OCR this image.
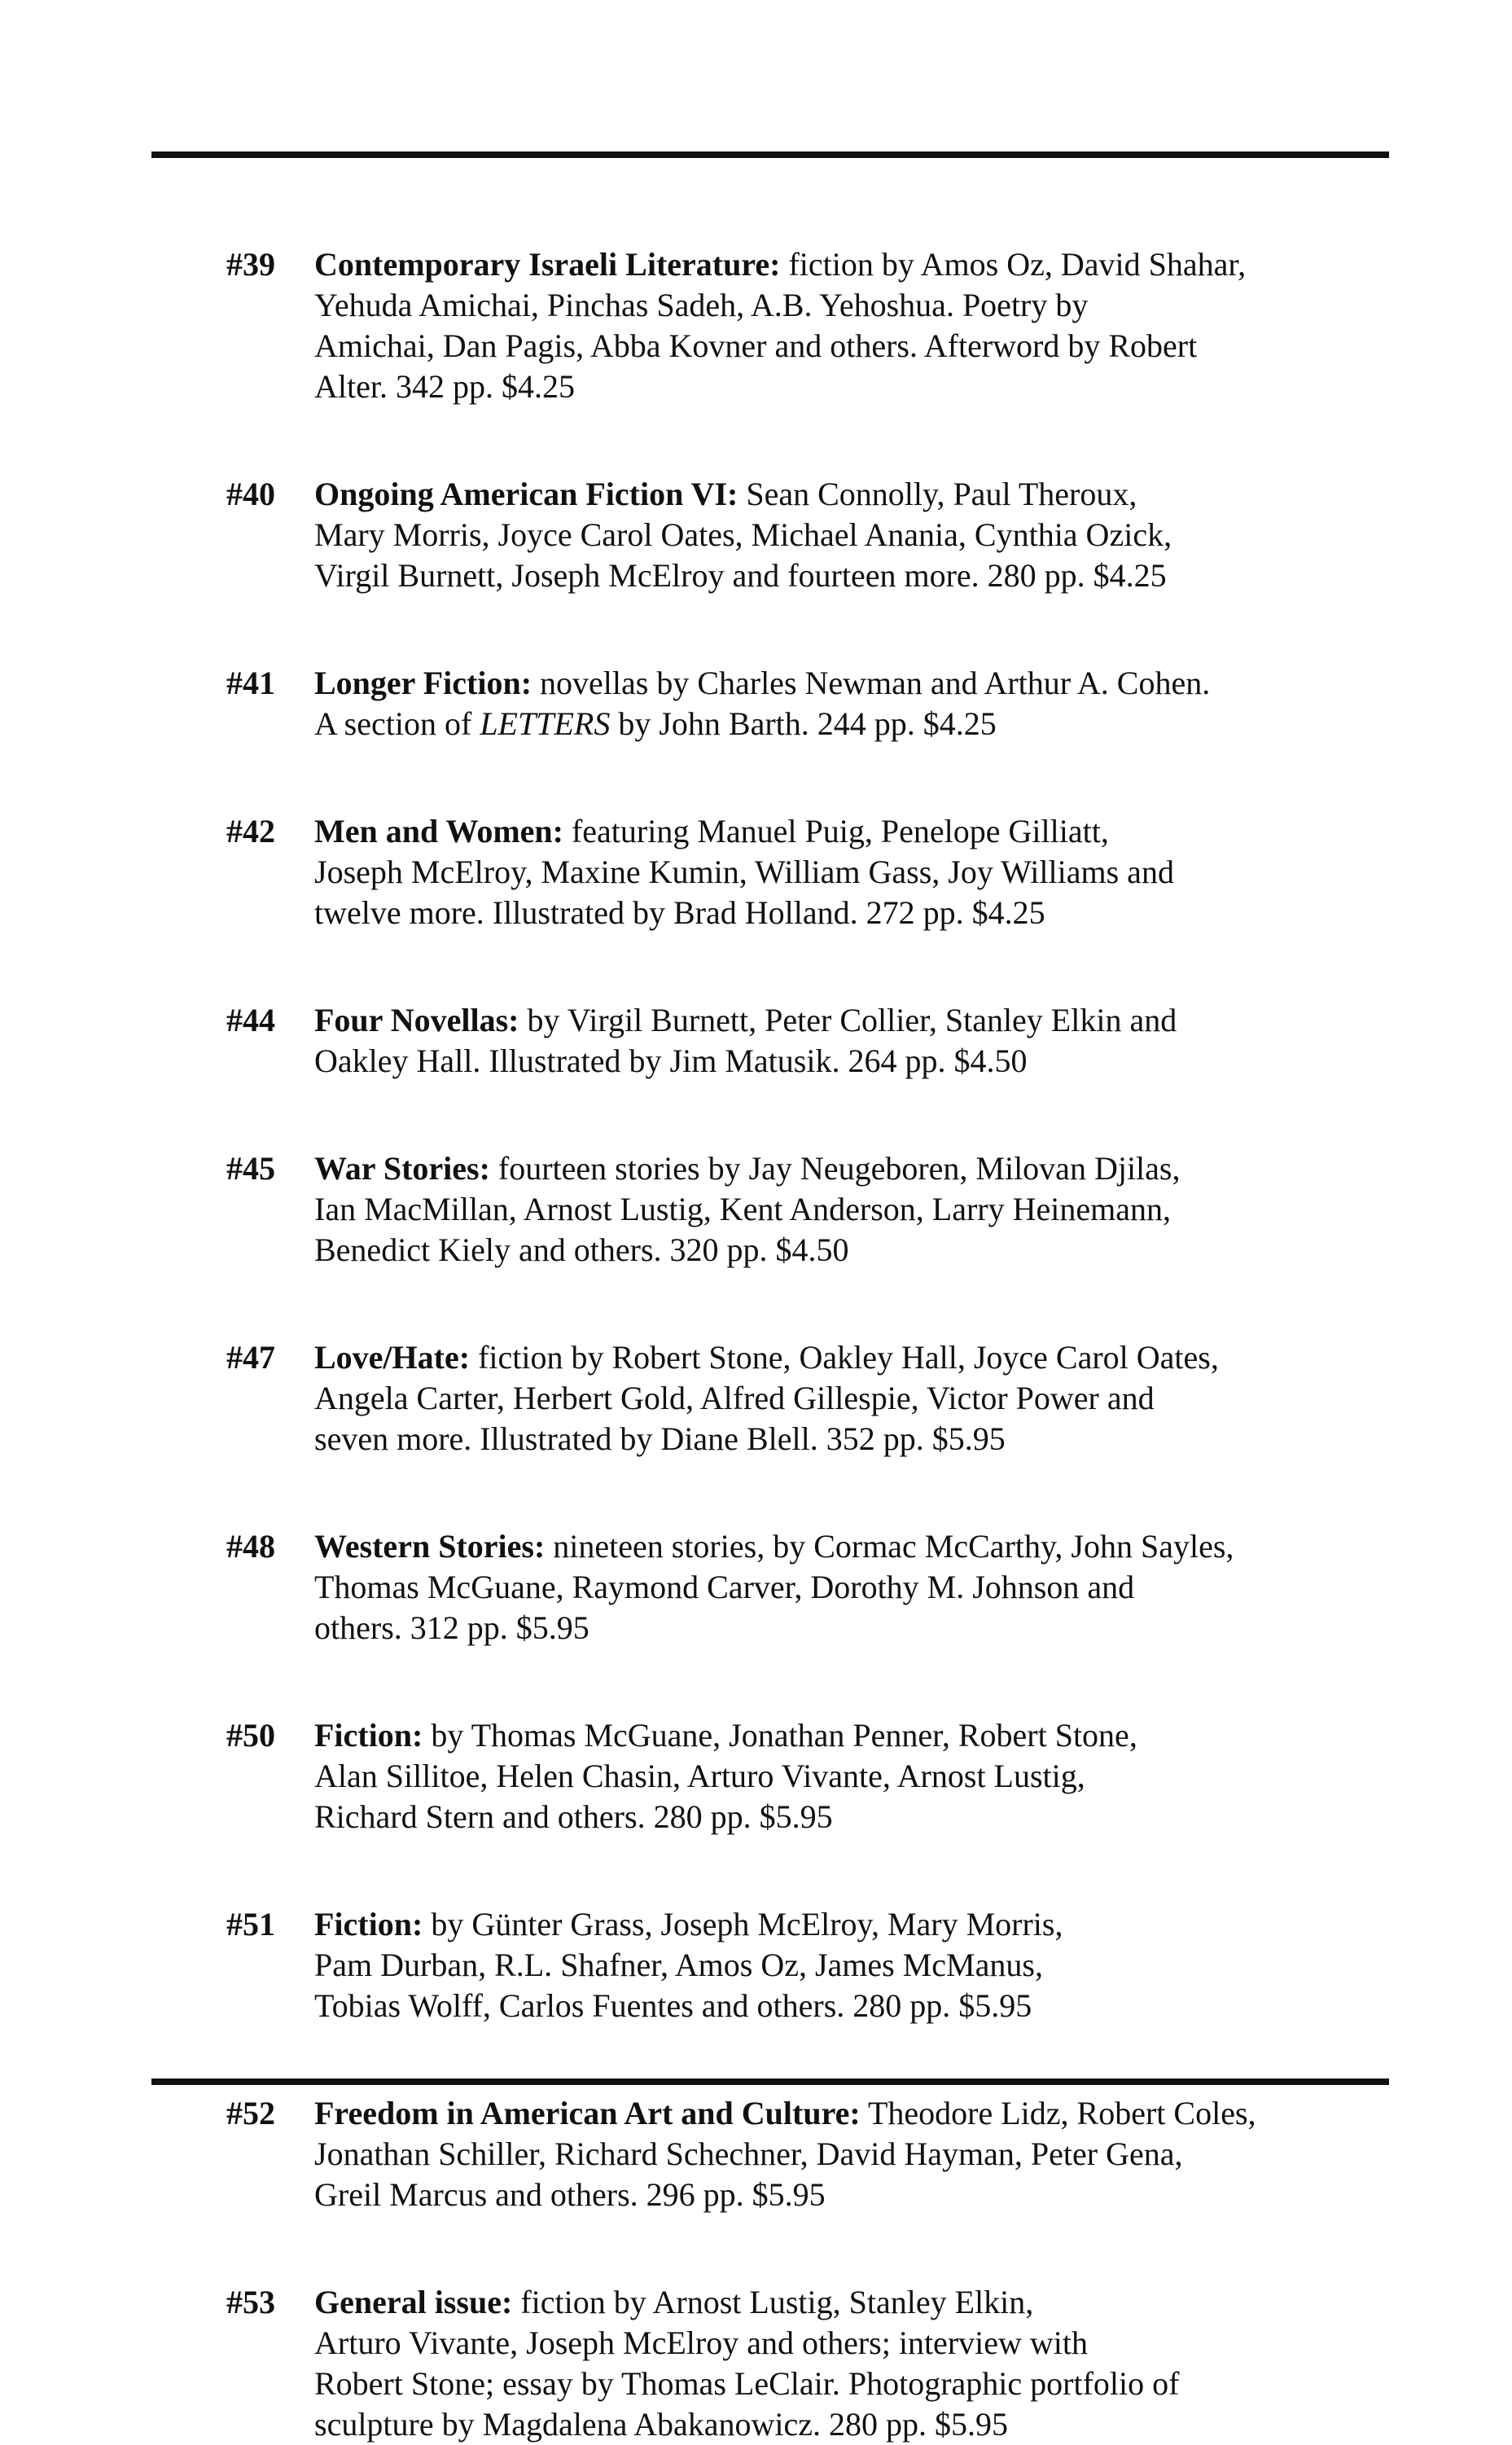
#39	Contemporary Israeli Literature: fiction by Amos Oz, David Shahar,
Yehuda Amichai, Pinchas Sadeh, A.B. Yehoshua. Poetry by
Amichai, Dan Pagis, Abba Kovner and others. Afterword by Robert
Alter. 342 pp. $4.25
#40	Ongoing American Fiction VI: Sean Connolly, Paul Theroux,
Mary Morris, Joyce Carol Oates, Michael Anania, Cynthia Ozick,
Virgil Burnett, Joseph McElroy and fourteen more. 280 pp. $4.25
#41	Longer Fiction: novellas by Charles Newman and Arthur A. Cohen.
A section of LETTERS by John Barth. 244 pp. $4.25
#42	Men and Women: featuring Manuel Puig, Penelope Gilliatt,
Joseph McElroy, Maxine Kumin, William Gass, Joy Williams and
twelve more. Illustrated by Brad Holland. 272 pp. $4.25
#44	Four Novellas: by Virgil Burnett, Peter Collier, Stanley Elkin and
Oakley Hall. Illustrated by Jim Matusik. 264 pp. $4.50
#45	War Stories: fourteen stories by Jay Neugeboren, Milovan Djilas,
Ian MacMillan, Arnost Lustig, Kent Anderson, Larry Heinemann,
Benedict Kiely and others. 320 pp. $4.50
#47	Love/Hate: fiction by Robert Stone, Oakley Hall, Joyce Carol Oates,
Angela Carter, Herbert Gold, Alfred Gillespie, Victor Power and
seven more. Illustrated by Diane Blell. 352 pp. $5.95
#48	Western Stories: nineteen stories, by Cormac McCarthy, John Sayles,
Thomas McGuane, Raymond Carver, Dorothy M. Johnson and
others. 312 pp. $5.95
#50	Fiction: by Thomas McGuane, Jonathan Penner, Robert Stone,
Alan Sillitoe, Helen Chasin, Arturo Vivante, Arnost Lustig,
Richard Stern and others. 280 pp. $5.95
#51	Fiction: by Günter Grass, Joseph McElroy, Mary Morris,
Pam Durban, R.L. Shafner, Amos Oz, James McManus,
Tobias Wolff, Carlos Fuentes and others. 280 pp. $5.95
#52	Freedom in American Art and Culture: Theodore Lidz, Robert Coles,
Jonathan Schiller, Richard Schechner, David Hayman, Peter Gena,
Greil Marcus and others. 296 pp. $5.95
#53	General issue: fiction by Arnost Lustig, Stanley Elkin,
Arturo Vivante, Joseph McElroy and others; interview with
Robert Stone; essay by Thomas LeClair. Photographic portfolio of
sculpture by Magdalena Abakanowicz. 280 pp. $5.95
